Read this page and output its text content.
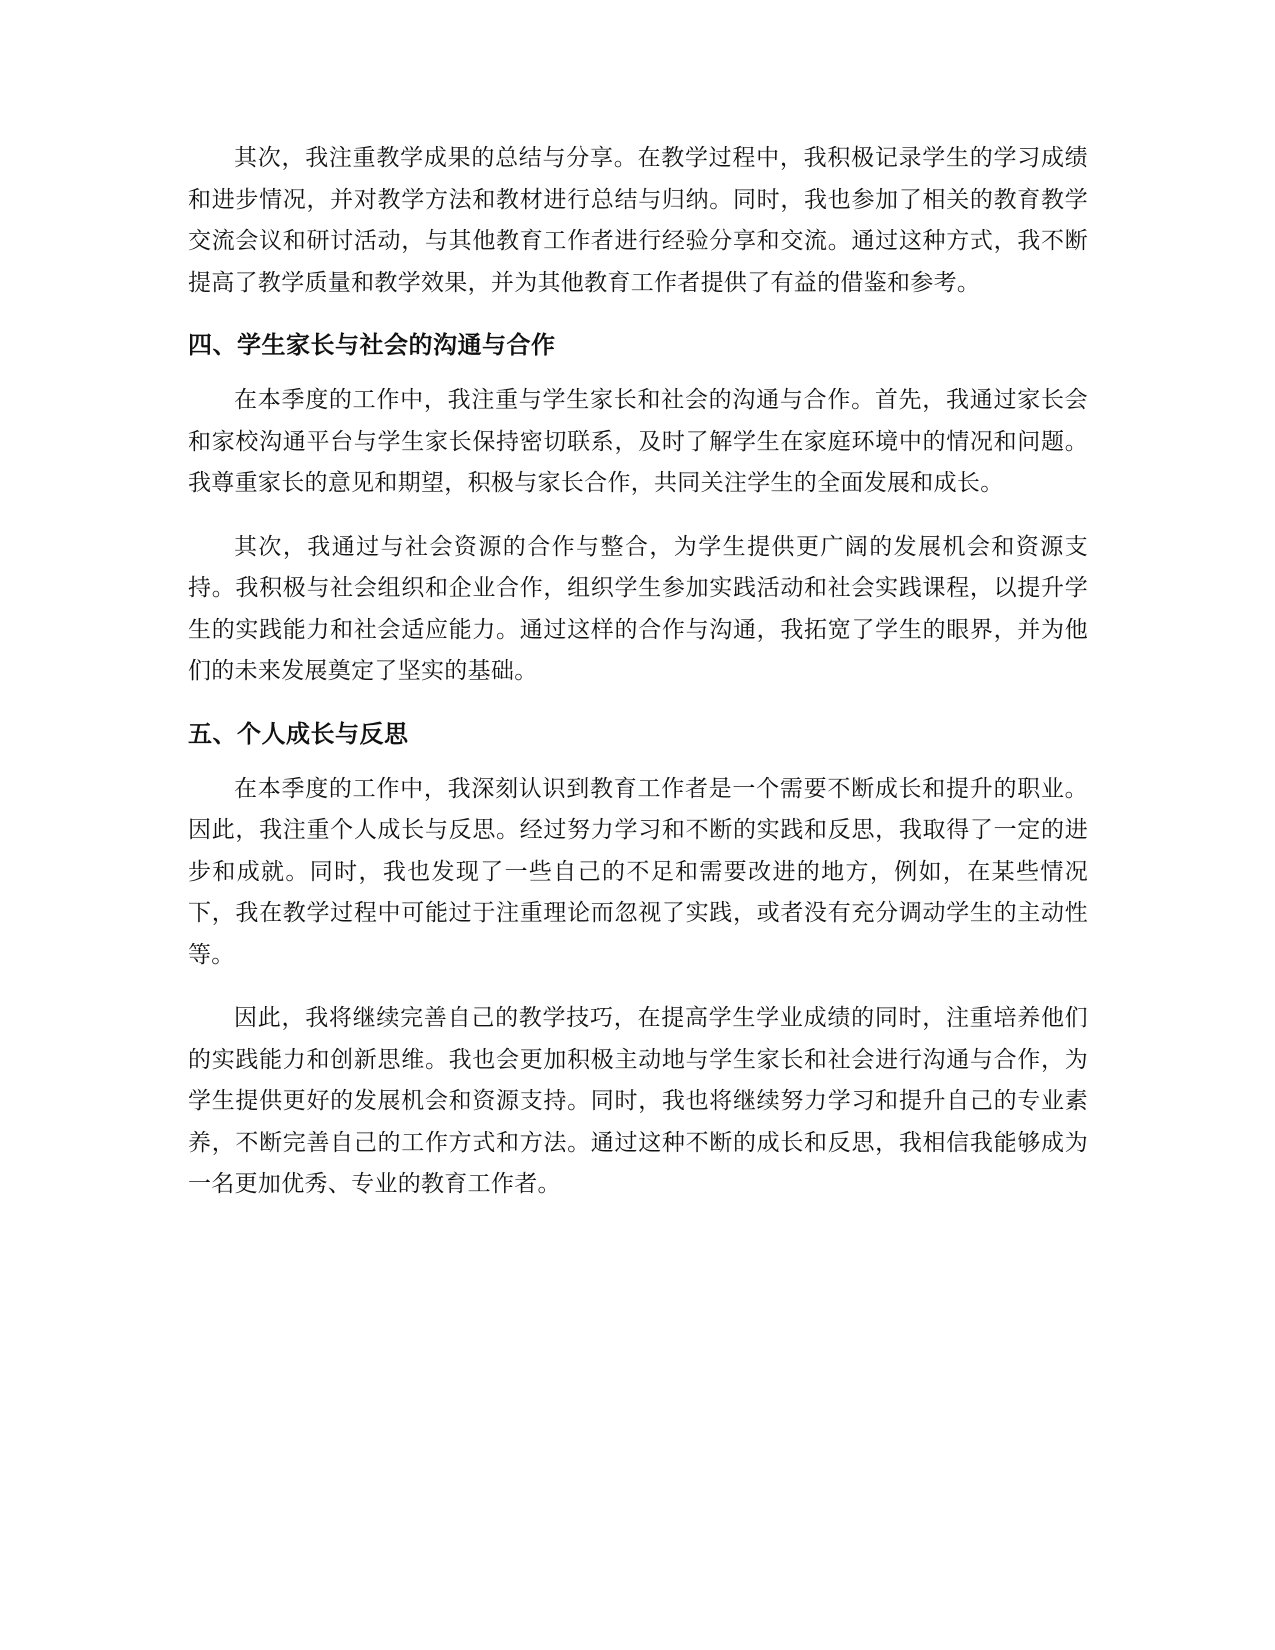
其次，我注重教学成果的总结与分享。在教学过程中，我积极记录学生的学习成绩和进步情况，并对教学方法和教材进行总结与归纳。同时，我也参加了相关的教育教学交流会议和研讨活动，与其他教育工作者进行经验分享和交流。通过这种方式，我不断提高了教学质量和教学效果，并为其他教育工作者提供了有益的借鉴和参考。

四、学生家长与社会的沟通与合作

在本季度的工作中，我注重与学生家长和社会的沟通与合作。首先，我通过家长会和家校沟通平台与学生家长保持密切联系，及时了解学生在家庭环境中的情况和问题。我尊重家长的意见和期望，积极与家长合作，共同关注学生的全面发展和成长。

其次，我通过与社会资源的合作与整合，为学生提供更广阔的发展机会和资源支持。我积极与社会组织和企业合作，组织学生参加实践活动和社会实践课程，以提升学生的实践能力和社会适应能力。通过这样的合作与沟通，我拓宽了学生的眼界，并为他们的未来发展奠定了坚实的基础。

五、个人成长与反思

在本季度的工作中，我深刻认识到教育工作者是一个需要不断成长和提升的职业。因此，我注重个人成长与反思。经过努力学习和不断的实践和反思，我取得了一定的进步和成就。同时，我也发现了一些自己的不足和需要改进的地方，例如，在某些情况下，我在教学过程中可能过于注重理论而忽视了实践，或者没有充分调动学生的主动性等。

因此，我将继续完善自己的教学技巧，在提高学生学业成绩的同时，注重培养他们的实践能力和创新思维。我也会更加积极主动地与学生家长和社会进行沟通与合作，为学生提供更好的发展机会和资源支持。同时，我也将继续努力学习和提升自己的专业素养，不断完善自己的工作方式和方法。通过这种不断的成长和反思，我相信我能够成为一名更加优秀、专业的教育工作者。
